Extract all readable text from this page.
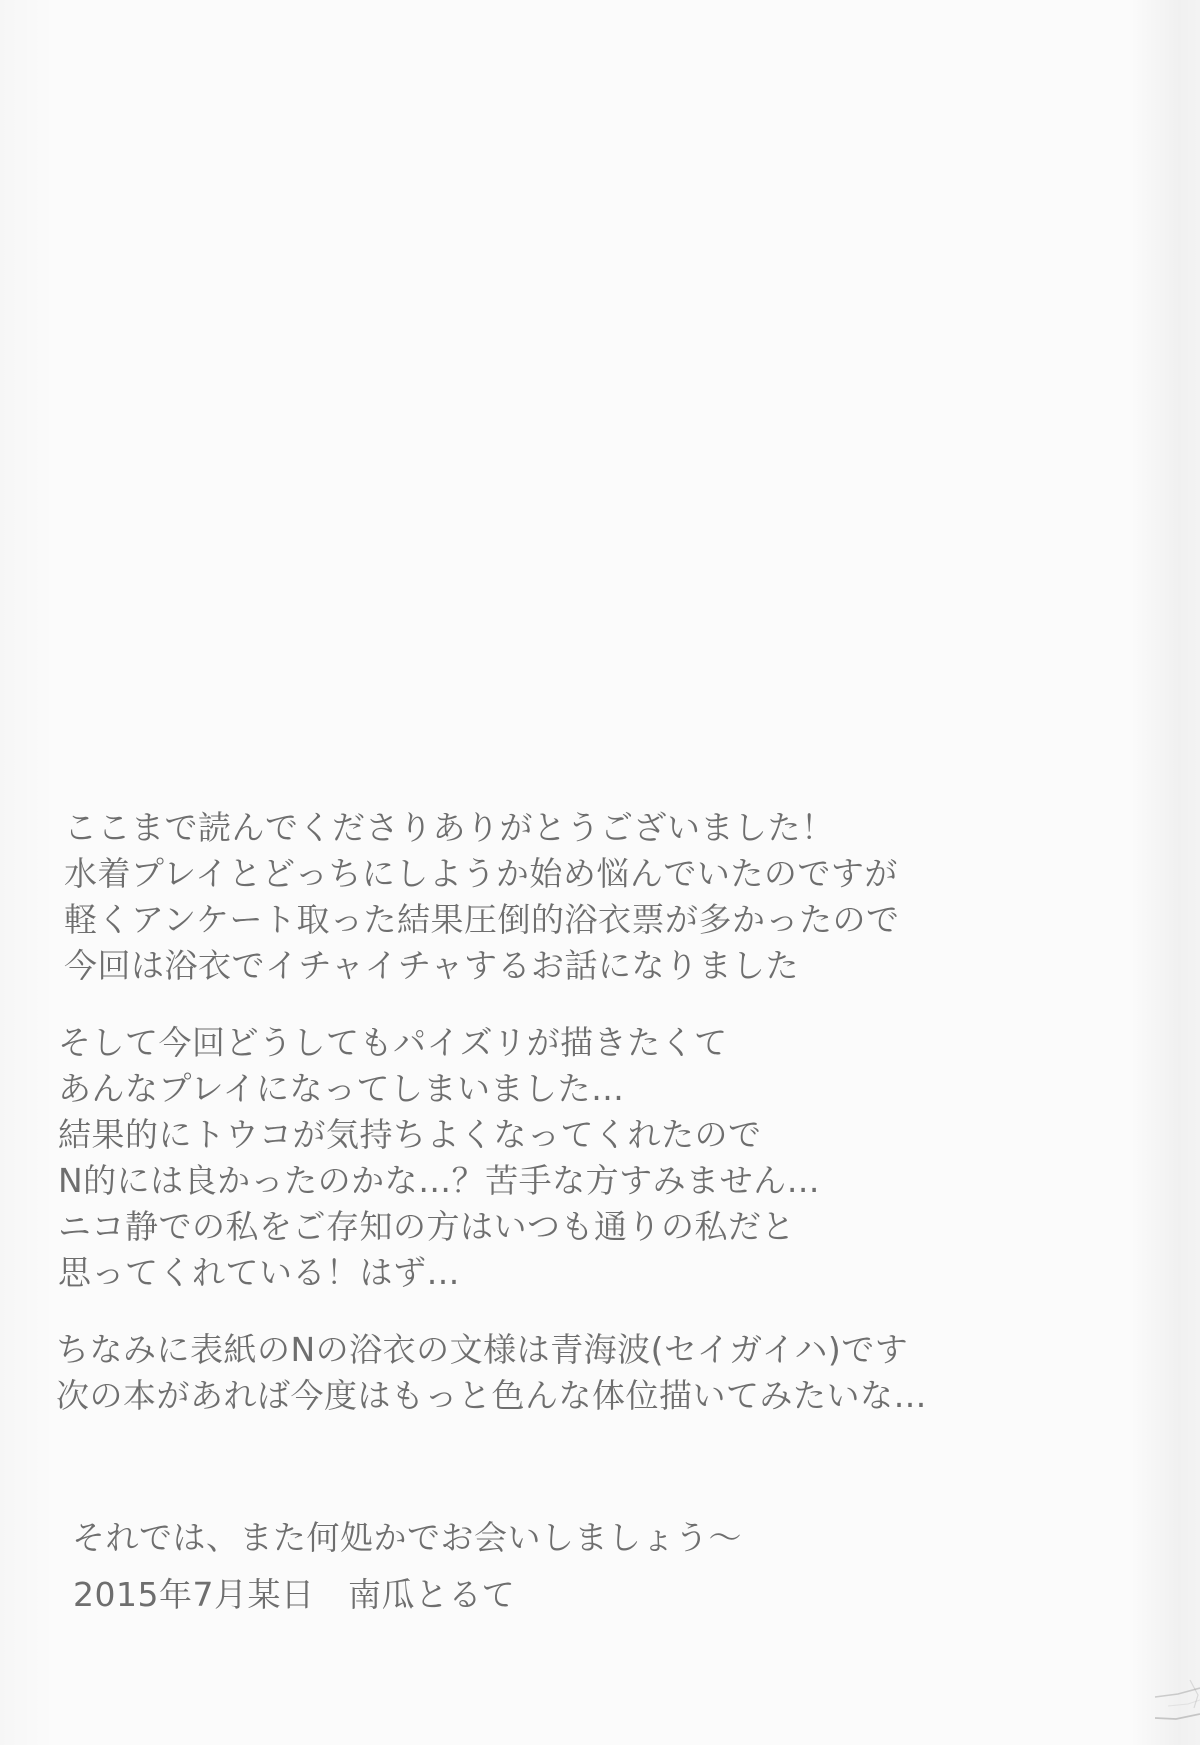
ここまで読んでくださりありがとうございました！
水着プレイとどっちにしようか始め悩んでいたのですが
軽くアンケート取った結果圧倒的浴衣票が多かったので
今回は浴衣でイチャイチャするお話になりました
そして今回どうしてもパイズリが描きたくて
あんなプレイになってしまいました…
結果的にトウコが気持ちよくなってくれたので
N的には良かったのかな…？苦手な方すみません…
ニコ静での私をご存知の方はいつも通りの私だと
思ってくれている！はず…
ちなみに表紙のNの浴衣の文様は青海波(セイガイハ)です
次の本があれば今度はもっと色んな体位描いてみたいな…
それでは、また何処かでお会いしましょう～
2015年7月某日　南瓜とるて
